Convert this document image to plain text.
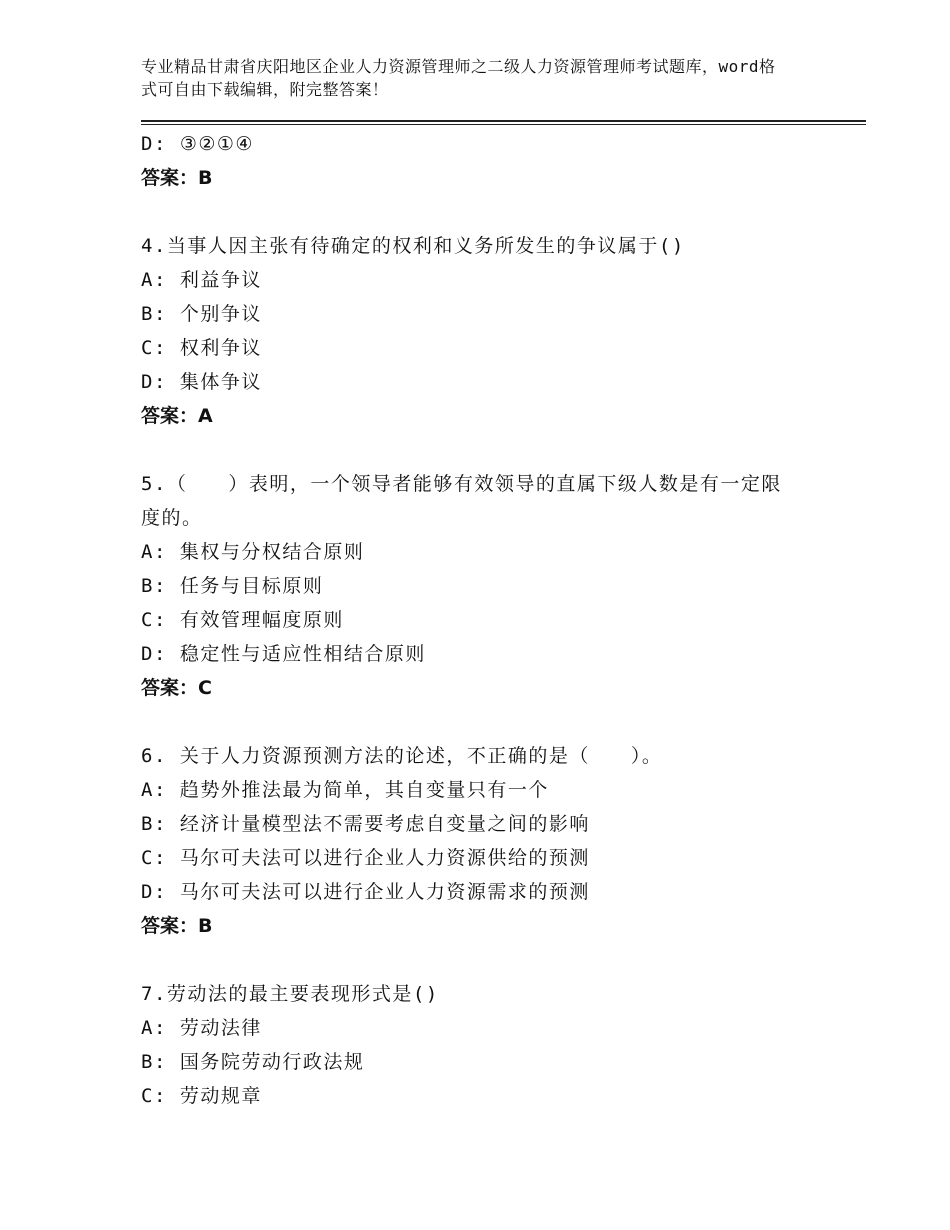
专业精品甘肃省庆阳地区企业人力资源管理师之二级人力资源管理师考试题库，word格式可自由下载编辑，附完整答案！
D: ③②①④
答案：B
4.当事人因主张有待确定的权利和义务所发生的争议属于()
A: 利益争议
B: 个别争议
C: 权利争议
D: 集体争议
答案：A
5.（　　）表明，一个领导者能够有效领导的直属下级人数是有一定限度的。
A: 集权与分权结合原则
B: 任务与目标原则
C: 有效管理幅度原则
D: 稳定性与适应性相结合原则
答案：C
6. 关于人力资源预测方法的论述，不正确的是（　　）。
A: 趋势外推法最为简单，其自变量只有一个
B: 经济计量模型法不需要考虑自变量之间的影响
C: 马尔可夫法可以进行企业人力资源供给的预测
D: 马尔可夫法可以进行企业人力资源需求的预测
答案：B
7.劳动法的最主要表现形式是()
A: 劳动法律
B: 国务院劳动行政法规
C: 劳动规章
